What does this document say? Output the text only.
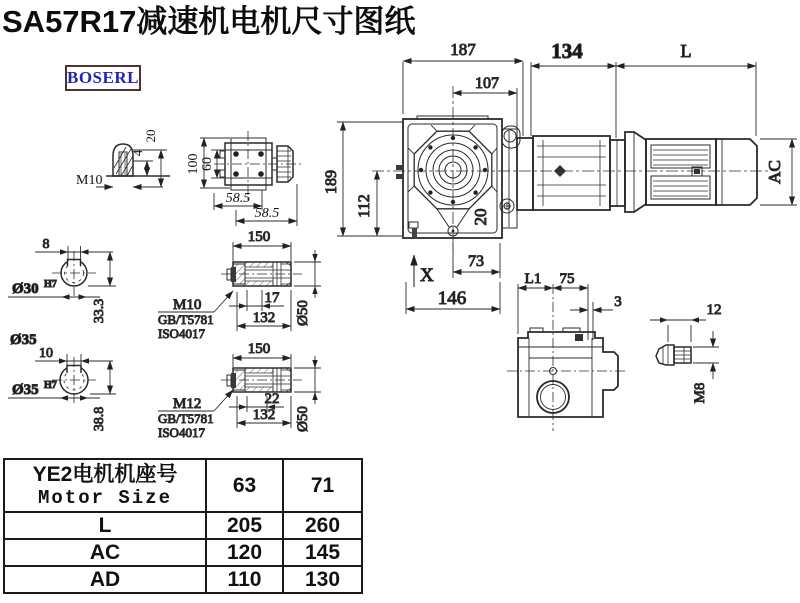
SA57R17减速机电机尺寸图纸
BOSERL
M10
4
20
100 60
58.5
58.5
187
107
134	L
189
112	20
73
146
X
AC
8
Ø30 H7
33.3
Ø35
10
Ø35 H7
38.8
150
17
132 Ø50
M10
GB/T5781
ISO4017
150
22
132 Ø50
M12
GB/T5781
ISO4017
L1 75
3	12
M8
YE2电机机座号
Motor Size	63	71
L	205	260
AC	120	145
AD	110	130
